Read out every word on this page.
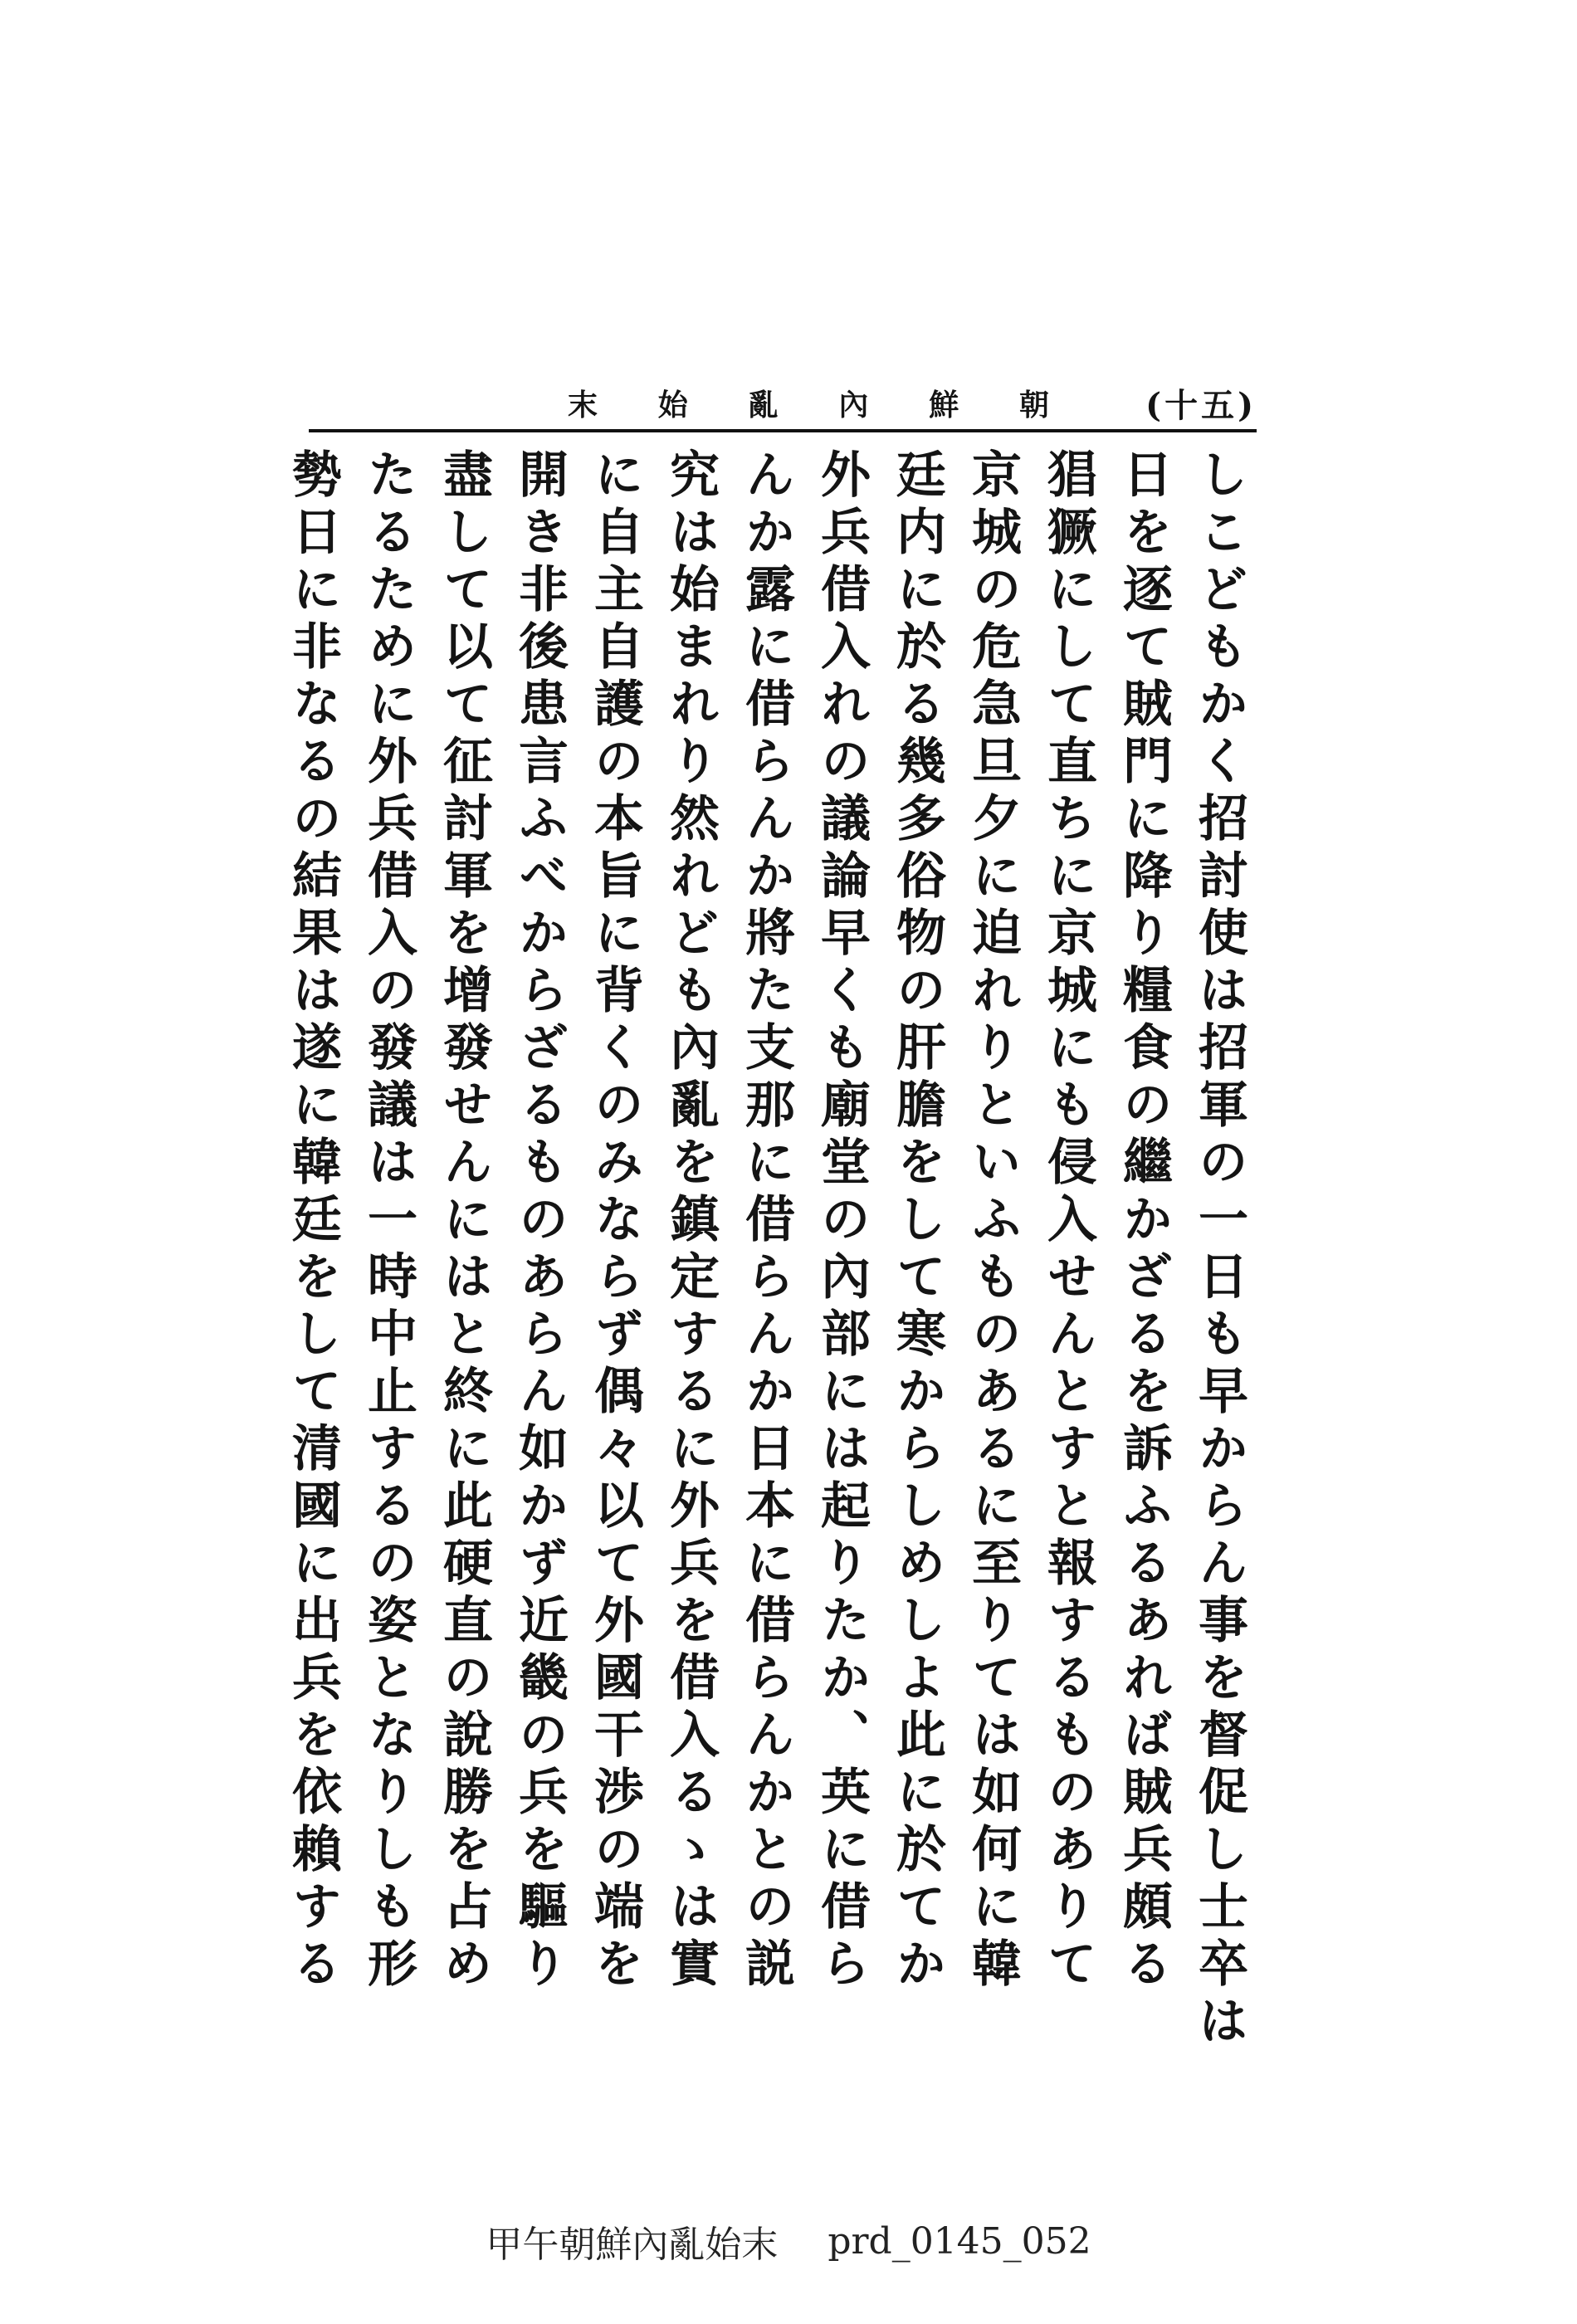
朝
鮮
內
亂
始
末	(十五)

しこどもかく招討使は招軍の一日も早からん事を督促し士卒は

日を逐て賊門に降り糧食の繼かざるを訴ふるあれば賊兵頗る

猖獗にして直ちに京城にも侵入せんとすと報するものありて

京城の危急旦夕に迫れりといふものあるに至りては如何に韓

廷内に於る幾多俗物の肝膽をして寒からしめしよ此に於てか

外兵借入れの議論早くも廟堂の內部には起りたか、英に借ら

んか露に借らんか將た支那に借らんか日本に借らんかとの説

究は始まれり然れども內亂を鎮定するに外兵を借入るゝは實

に自主自護の本旨に背くのみならず偶々以て外國干渉の端を

開き非後患言ふべからざるものあらん如かず近畿の兵を驅り

盡して以て征討軍を增發せんにはと終に此硬直の說勝を占め

たるために外兵借入の發議は一時中止するの姿となりしも形

勢日に非なるの結果は遂に韓廷をして清國に出兵を依賴する

甲午朝鮮內亂始末 prd_0145_052
